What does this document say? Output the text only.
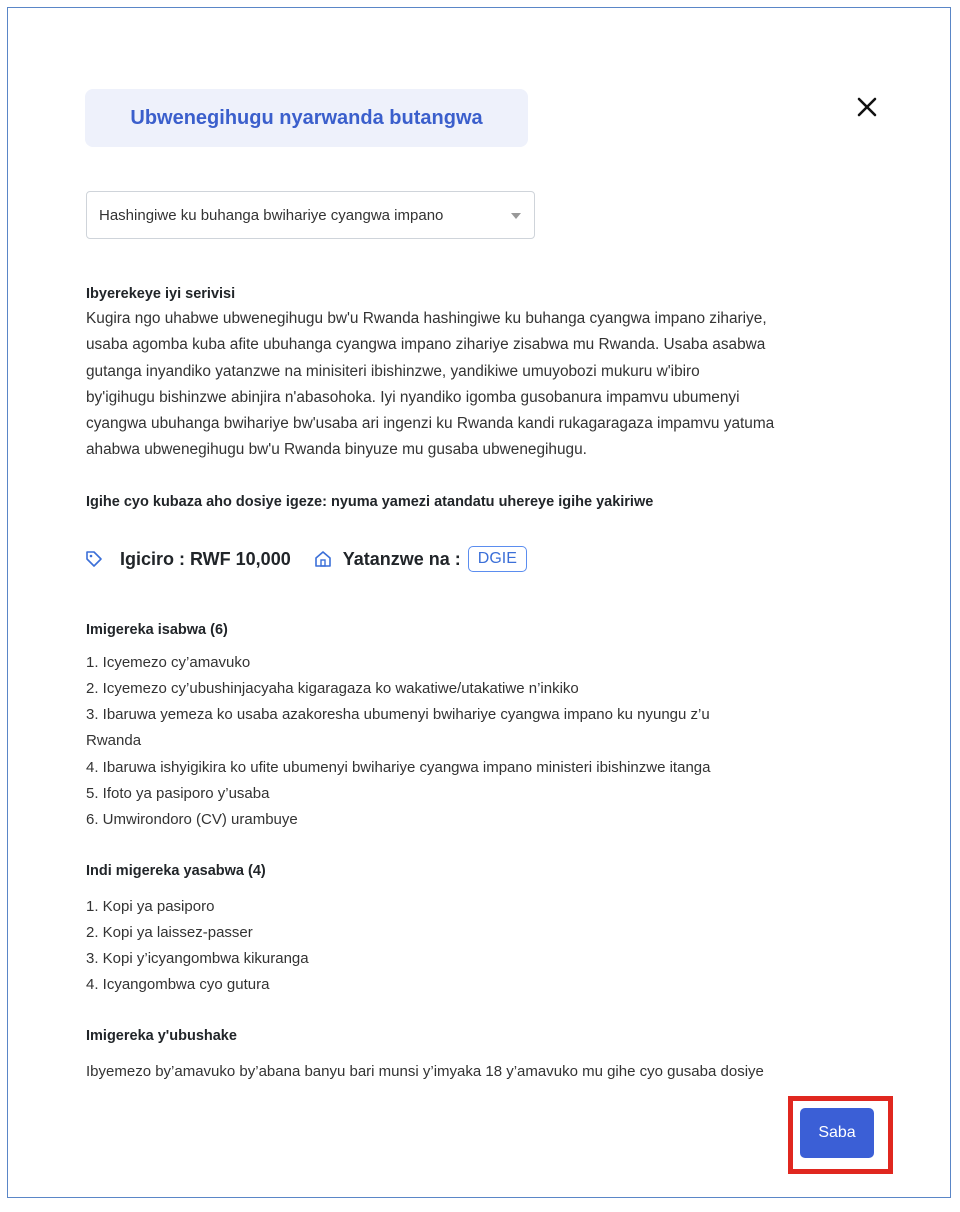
Ubwenegihugu nyarwanda butangwa
Hashingiwe ku buhanga bwihariye cyangwa impano
Ibyerekeye iyi serivisi
Kugira ngo uhabwe ubwenegihugu bw'u Rwanda hashingiwe ku buhanga cyangwa impano zihariye,
usaba agomba kuba afite ubuhanga cyangwa impano zihariye zisabwa mu Rwanda. Usaba asabwa
gutanga inyandiko yatanzwe na minisiteri ibishinzwe, yandikiwe umuyobozi mukuru w'ibiro
by'igihugu bishinzwe abinjira n'abasohoka. Iyi nyandiko igomba gusobanura impamvu ubumenyi
cyangwa ubuhanga bwihariye bw'usaba ari ingenzi ku Rwanda kandi rukagaragaza impamvu yatuma
ahabwa ubwenegihugu bw'u Rwanda binyuze mu gusaba ubwenegihugu.
Igihe cyo kubaza aho dosiye igeze: nyuma yamezi atandatu uhereye igihe yakiriwe
Igiciro : RWF 10,000	Yatanzwe na :	DGIE
Imigereka isabwa (6)
1. Icyemezo cy’amavuko
2. Icyemezo cy’ubushinjacyaha kigaragaza ko wakatiwe/utakatiwe n’inkiko
3. Ibaruwa yemeza ko usaba azakoresha ubumenyi bwihariye cyangwa impano ku nyungu z’u
Rwanda
4. Ibaruwa ishyigikira ko ufite ubumenyi bwihariye cyangwa impano ministeri ibishinzwe itanga
5. Ifoto ya pasiporo y’usaba
6. Umwirondoro (CV) urambuye
Indi migereka yasabwa (4)
1. Kopi ya pasiporo
2. Kopi ya laissez-passer
3. Kopi y’icyangombwa kikuranga
4. Icyangombwa cyo gutura
Imigereka y'ubushake
Ibyemezo by’amavuko by’abana banyu bari munsi y’imyaka 18 y’amavuko mu gihe cyo gusaba dosiye
Saba
